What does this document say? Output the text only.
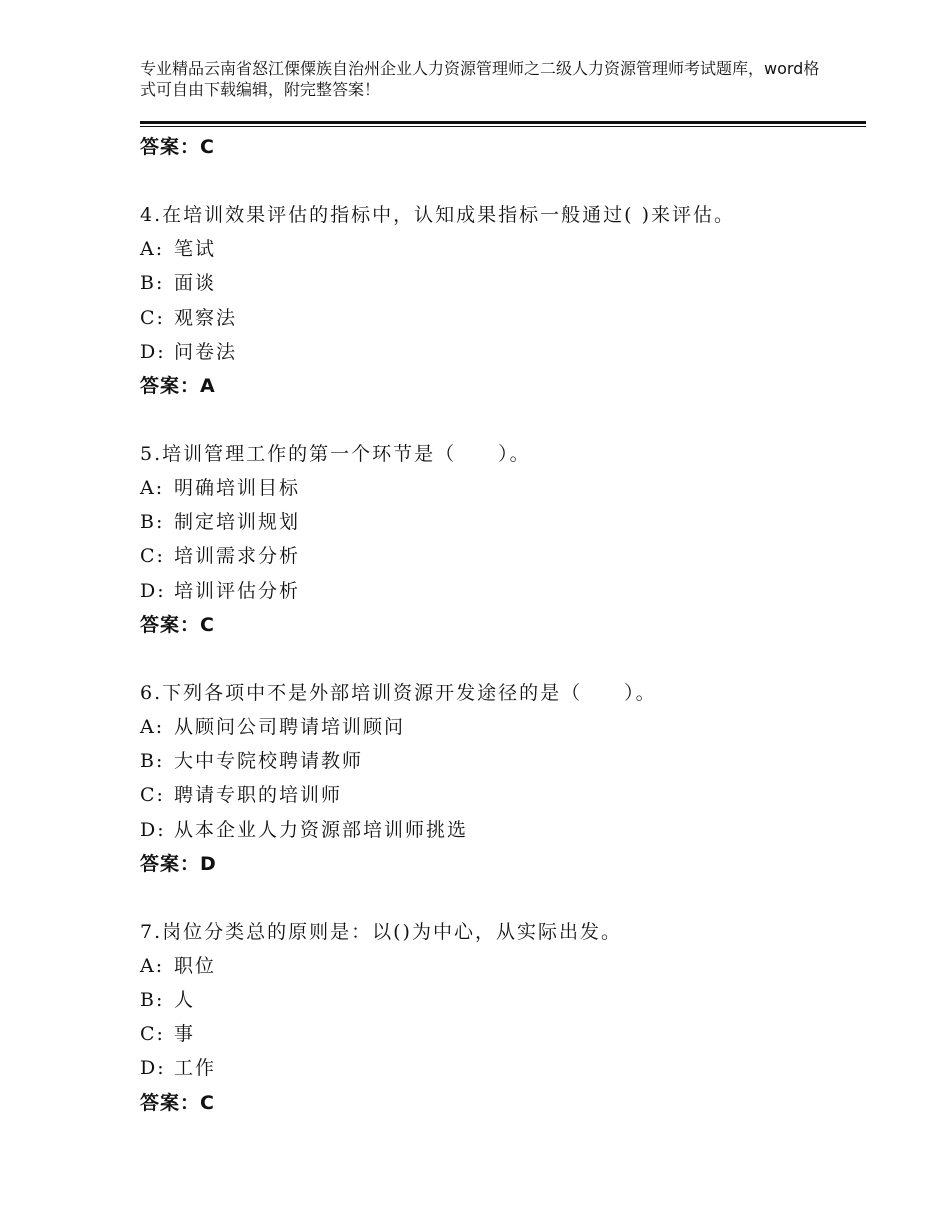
专业精品云南省怒江傈僳族自治州企业人力资源管理师之二级人力资源管理师考试题库，word格式可自由下载编辑，附完整答案！
答案：C
4.在培训效果评估的指标中，认知成果指标一般通过( )来评估。
A: 笔试
B: 面谈
C: 观察法
D: 问卷法
答案：A
5.培训管理工作的第一个环节是（　　）。
A: 明确培训目标
B: 制定培训规划
C: 培训需求分析
D: 培训评估分析
答案：C
6.下列各项中不是外部培训资源开发途径的是（　　）。
A: 从顾问公司聘请培训顾问
B: 大中专院校聘请教师
C: 聘请专职的培训师
D: 从本企业人力资源部培训师挑选
答案：D
7.岗位分类总的原则是：以()为中心，从实际出发。
A: 职位
B: 人
C: 事
D: 工作
答案：C
